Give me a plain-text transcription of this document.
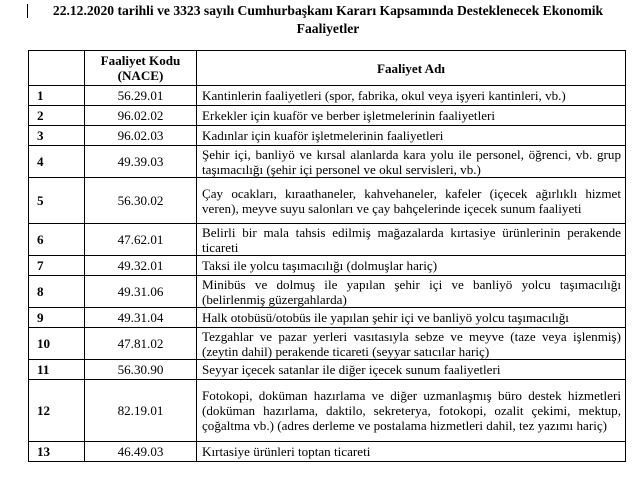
22.12.2020 tarihli ve 3323 sayılı Cumhurbaşkanı Kararı Kapsamında Desteklenecek Ekonomik Faaliyetler
	Faaliyet Kodu (NACE)	Faaliyet Adı
1	56.29.01	Kantinlerin faaliyetleri (spor, fabrika, okul veya işyeri kantinleri, vb.)
2	96.02.02	Erkekler için kuaför ve berber işletmelerinin faaliyetleri
3	96.02.03	Kadınlar için kuaför işletmelerinin faaliyetleri
4	49.39.03	Şehir içi, banliyö ve kırsal alanlarda kara yolu ile personel, öğrenci, vb. grup taşımacılığı (şehir içi personel ve okul servisleri, vb.)
5	56.30.02	Çay ocakları, kıraathaneler, kahvehaneler, kafeler (içecek ağırlıklı hizmet veren), meyve suyu salonları ve çay bahçelerinde içecek sunum faaliyeti
6	47.62.01	Belirli bir mala tahsis edilmiş mağazalarda kırtasiye ürünlerinin perakende ticareti
7	49.32.01	Taksi ile yolcu taşımacılığı (dolmuşlar hariç)
8	49.31.06	Minibüs ve dolmuş ile yapılan şehir içi ve banliyö yolcu taşımacılığı (belirlenmiş güzergahlarda)
9	49.31.04	Halk otobüsü/otobüs ile yapılan şehir içi ve banliyö yolcu taşımacılığı
10	47.81.02	Tezgahlar ve pazar yerleri vasıtasıyla sebze ve meyve (taze veya işlenmiş) (zeytin dahil) perakende ticareti (seyyar satıcılar hariç)
11	56.30.90	Seyyar içecek satanlar ile diğer içecek sunum faaliyetleri
12	82.19.01	Fotokopi, doküman hazırlama ve diğer uzmanlaşmış büro destek hizmetleri (doküman hazırlama, daktilo, sekreterya, fotokopi, ozalit çekimi, mektup, çoğaltma vb.) (adres derleme ve postalama hizmetleri dahil, tez yazımı hariç)
13	46.49.03	Kırtasiye ürünleri toptan ticareti
